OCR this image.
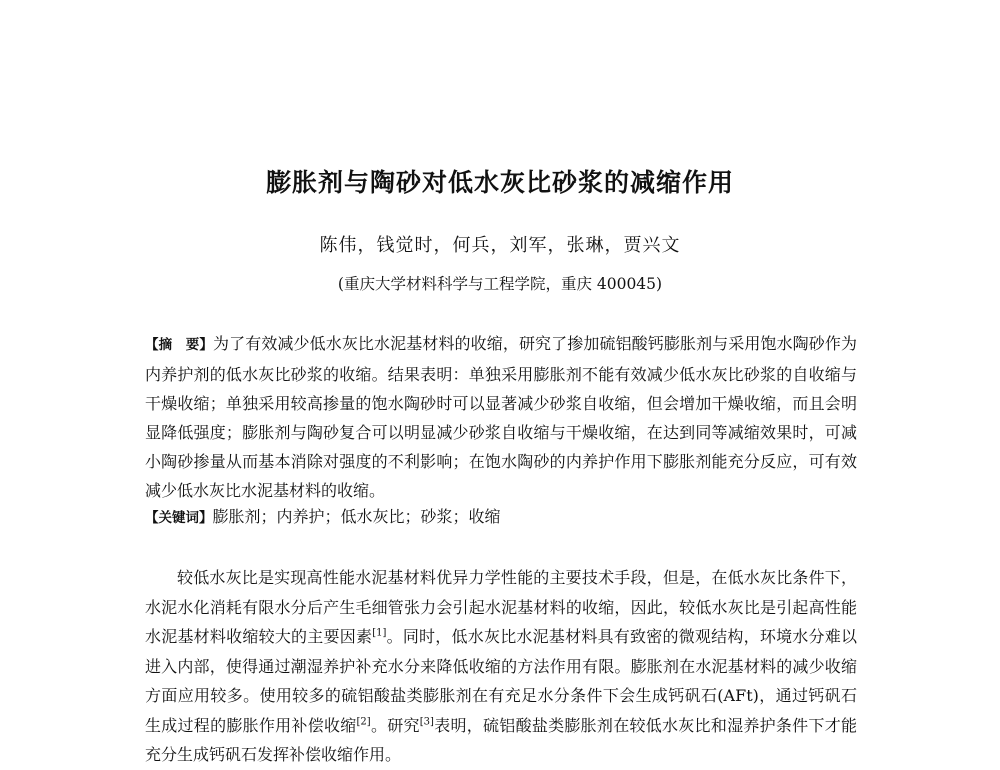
膨胀剂与陶砂对低水灰比砂浆的减缩作用
陈伟，钱觉时，何兵，刘军，张琳，贾兴文
(重庆大学材料科学与工程学院，重庆 400045)
【摘　要】为了有效减少低水灰比水泥基材料的收缩，研究了掺加硫铝酸钙膨胀剂与采用饱水陶砂作为内养护剂的低水灰比砂浆的收缩。结果表明：单独采用膨胀剂不能有效减少低水灰比砂浆的自收缩与干燥收缩；单独采用较高掺量的饱水陶砂时可以显著减少砂浆自收缩，但会增加干燥收缩，而且会明显降低强度；膨胀剂与陶砂复合可以明显减少砂浆自收缩与干燥收缩，在达到同等减缩效果时，可减小陶砂掺量从而基本消除对强度的不利影响；在饱水陶砂的内养护作用下膨胀剂能充分反应，可有效减少低水灰比水泥基材料的收缩。
【关键词】膨胀剂；内养护；低水灰比；砂浆；收缩
较低水灰比是实现高性能水泥基材料优异力学性能的主要技术手段，但是，在低水灰比条件下，水泥水化消耗有限水分后产生毛细管张力会引起水泥基材料的收缩，因此，较低水灰比是引起高性能水泥基材料收缩较大的主要因素[1]。同时，低水灰比水泥基材料具有致密的微观结构，环境水分难以进入内部，使得通过潮湿养护补充水分来降低收缩的方法作用有限。膨胀剂在水泥基材料的减少收缩方面应用较多。使用较多的硫铝酸盐类膨胀剂在有充足水分条件下会生成钙矾石(AFt)，通过钙矾石生成过程的膨胀作用补偿收缩[2]。研究[3]表明，硫铝酸盐类膨胀剂在较低水灰比和湿养护条件下才能充分生成钙矾石发挥补偿收缩作用。
